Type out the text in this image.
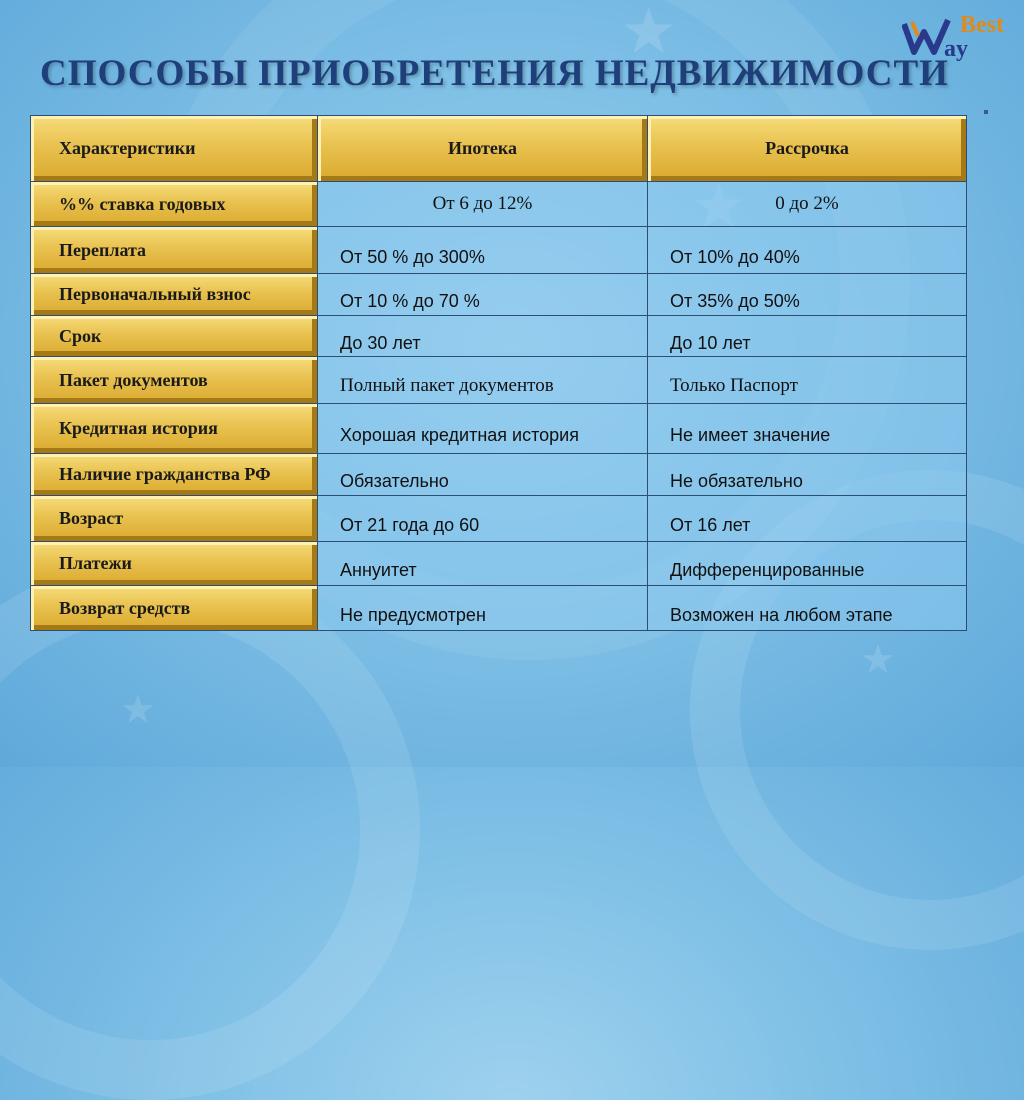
★
★
★
Best
ay
СПОСОБЫ ПРИОБРЕТЕНИЯ НЕДВИЖИМОСТИ
Характеристики	Ипотека	Рассрочка
%% ставка годовых	От 6 до 12%	0 до 2%
Переплата	От 50 % до 300%	От 10% до 40%
Первоначальный взнос	От 10 % до 70 %	От 35% до 50%
Срок	До 30 лет	До 10 лет
Пакет документов	Полный пакет документов	Только Паспорт
Кредитная история	Хорошая кредитная история	Не имеет значение
Наличие гражданства РФ	Обязательно	Не обязательно
Возраст	От 21 года до 60	От 16 лет
Платежи	Аннуитет	Дифференцированные
Возврат средств	Не предусмотрен	Возможен на любом этапе
